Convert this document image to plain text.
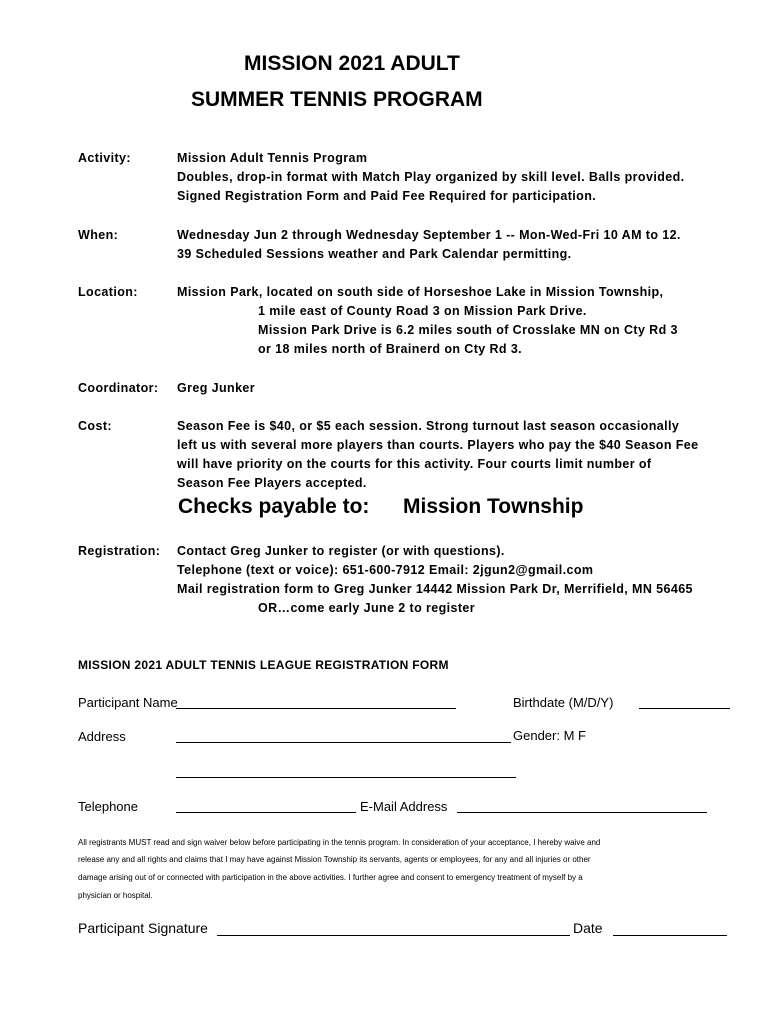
MISSION 2021 ADULT
SUMMER TENNIS PROGRAM
Activity:	Mission Adult Tennis Program
Doubles, drop-in format with Match Play organized by skill level. Balls provided.
Signed Registration Form and Paid Fee Required for participation.
When:	Wednesday Jun 2 through Wednesday September 1 -- Mon-Wed-Fri 10 AM to 12.
39 Scheduled Sessions weather and Park Calendar permitting.
Location:	Mission Park, located on south side of Horseshoe Lake in Mission Township,
1 mile east of County Road 3 on Mission Park Drive.
Mission Park Drive is 6.2 miles south of Crosslake MN on Cty Rd 3
or 18 miles north of Brainerd on Cty Rd 3.
Coordinator: Greg Junker
Cost:	Season Fee is $40, or $5 each session. Strong turnout last season occasionally
left us with several more players than courts. Players who pay the $40 Season Fee
will have priority on the courts for this activity. Four courts limit number of
Season Fee Players accepted.
Checks payable to: Mission Township
Registration: Contact Greg Junker to register (or with questions).
Telephone (text or voice): 651-600-7912 Email: 2jgun2@gmail.com
Mail registration form to Greg Junker 14442 Mission Park Dr, Merrifield, MN 56465
OR…come early June 2 to register
MISSION 2021 ADULT TENNIS LEAGUE REGISTRATION FORM
Participant Name	Birthdate (M/D/Y)
Address	Gender: M F
Telephone	E-Mail Address
All registrants MUST read and sign waiver below before participating in the tennis program. In consideration of your acceptance, I hereby waive and
release any and all rights and claims that I may have against Mission Township its servants, agents or employees, for any and all injuries or other
damage arising out of or connected with participation in the above activities. I further agree and consent to emergency treatment of myself by a
physician or hospital.
Participant Signature	Date
